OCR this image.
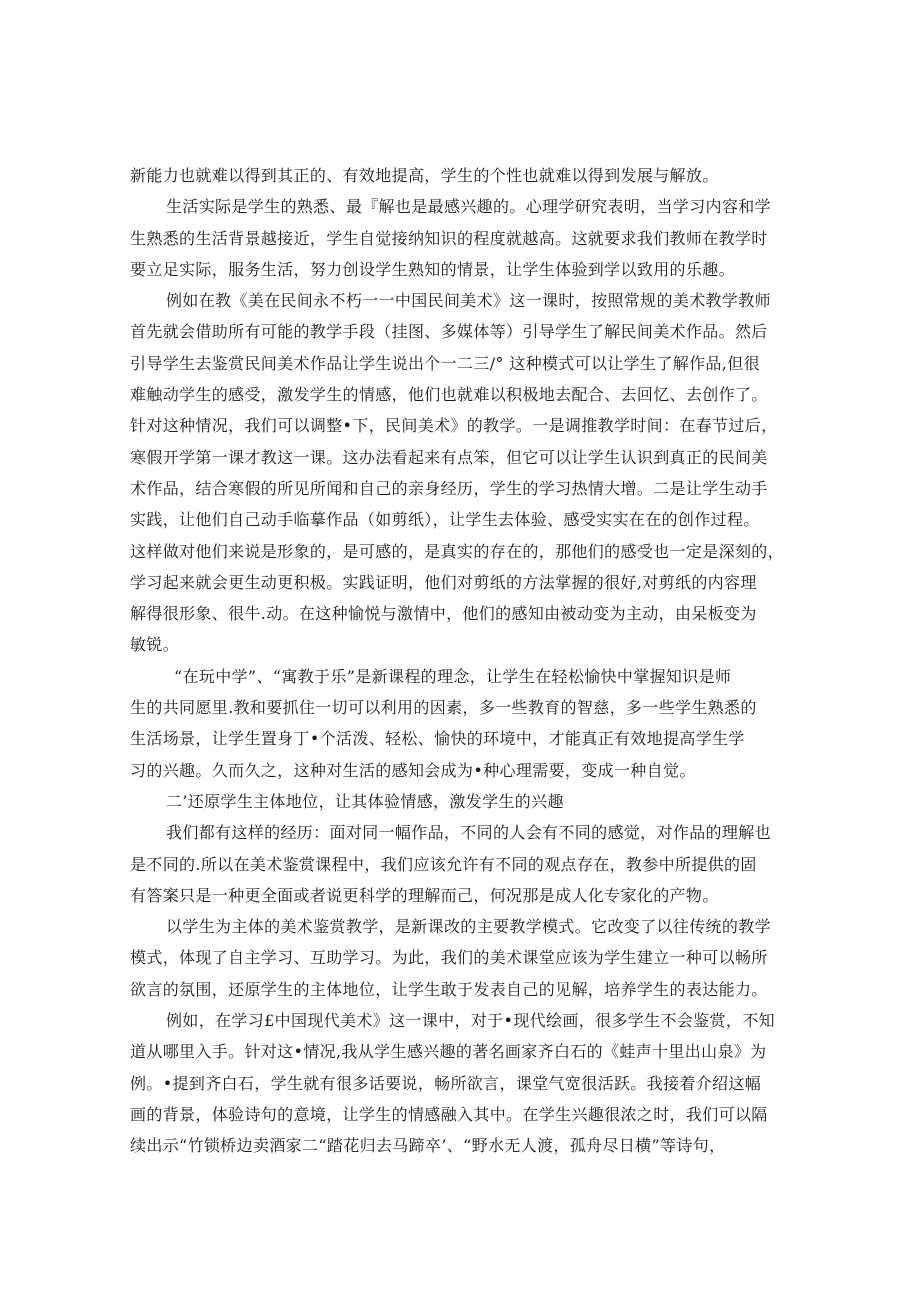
新能力也就难以得到其正的、有效地提高，学生的个性也就难以得到发展与解放。
生活实际是学生的熟悉、最『解也是最感兴趣的。心理学研究表明，当学习内容和学
生熟悉的生活背景越接近，学生自觉接纳知识的程度就越高。这就要求我们教师在教学时
要立足实际，服务生活，努力创设学生熟知的情景，让学生体验到学以致用的乐趣。
例如在教《美在民间永不朽一一中国民间美术》这一课时，按照常规的美术教学教师
首先就会借助所有可能的教学手段（挂图、多媒体等）引导学生了解民间美术作品。然后
引导学生去鉴赏民间美术作品让学生说出个一二三/° 这种模式可以让学生了解作品,但很
难触动学生的感受，激发学生的情感，他们也就难以积极地去配合、去回忆、去创作了。
针对这种情况，我们可以调整•下，民间美术》的教学。一是调推教学时间：在春节过后，
寒假开学第一课才教这一课。这办法看起来有点笨，但它可以让学生认识到真正的民间美
术作品，结合寒假的所见所闻和自己的亲身经历，学生的学习热情大增。二是让学生动手
实践，让他们自己动手临摹作品（如剪纸），让学生去体验、感受实实在在的创作过程。
这样做对他们来说是形象的，是可感的，是真实的存在的，那他们的感受也一定是深刻的，
学习起来就会更生动更积极。实践证明，他们对剪纸的方法掌握的很好,对剪纸的内容理
解得很形象、很牛.动。在这种愉悦与激情中，他们的感知由被动变为主动，由呆板变为
敏锐。
“在玩中学”、“寓教于乐”是新课程的理念，让学生在轻松愉快中掌握知识是师
生的共同愿里.教和要抓住一切可以利用的因素，多一些教育的智慈，多一些学生熟悉的
生活场景，让学生置身丁•个活泼、轻松、愉快的环境中，才能真正有效地提高学生学
习的兴趣。久而久之，这种对生活的感知会成为•种心理需要，变成一种自觉。
二’还原学生主体地位，让其体验情感，激发学生的兴趣
我们都有这样的经历：面对同一幅作品，不同的人会有不同的感觉，对作品的理解也
是不同的.所以在美术鉴赏课程中，我们应该允许有不同的观点存在，教参中所提供的固
有答案只是一种更全面或者说更科学的理解而己，何况那是成人化专家化的产物。
以学生为主体的美术鉴赏教学，是新课改的主要教学模式。它改变了以往传统的教学
模式，体现了自主学习、互助学习。为此，我们的美术课堂应该为学生建立一种可以畅所
欲言的氛围，还原学生的主体地位，让学生敢于发表自己的见解，培养学生的表达能力。
例如，在学习£中国现代美术》这一课中，对于•现代绘画，很多学生不会鉴赏，不知
道从哪里入手。针对这•情况,我从学生感兴趣的著名画家齐白石的《蛙声十里出山泉》为
例。•提到齐白石，学生就有很多话要说，畅所欲言，课堂气宽很活跃。我接着介绍这幅
画的背景，体验诗句的意境，让学生的情感融入其中。在学生兴趣很浓之时，我们可以隔
续出示“竹锁桥边卖酒家二“踏花归去马蹄卒’、“野水无人渡，孤舟尽日横”等诗句，
